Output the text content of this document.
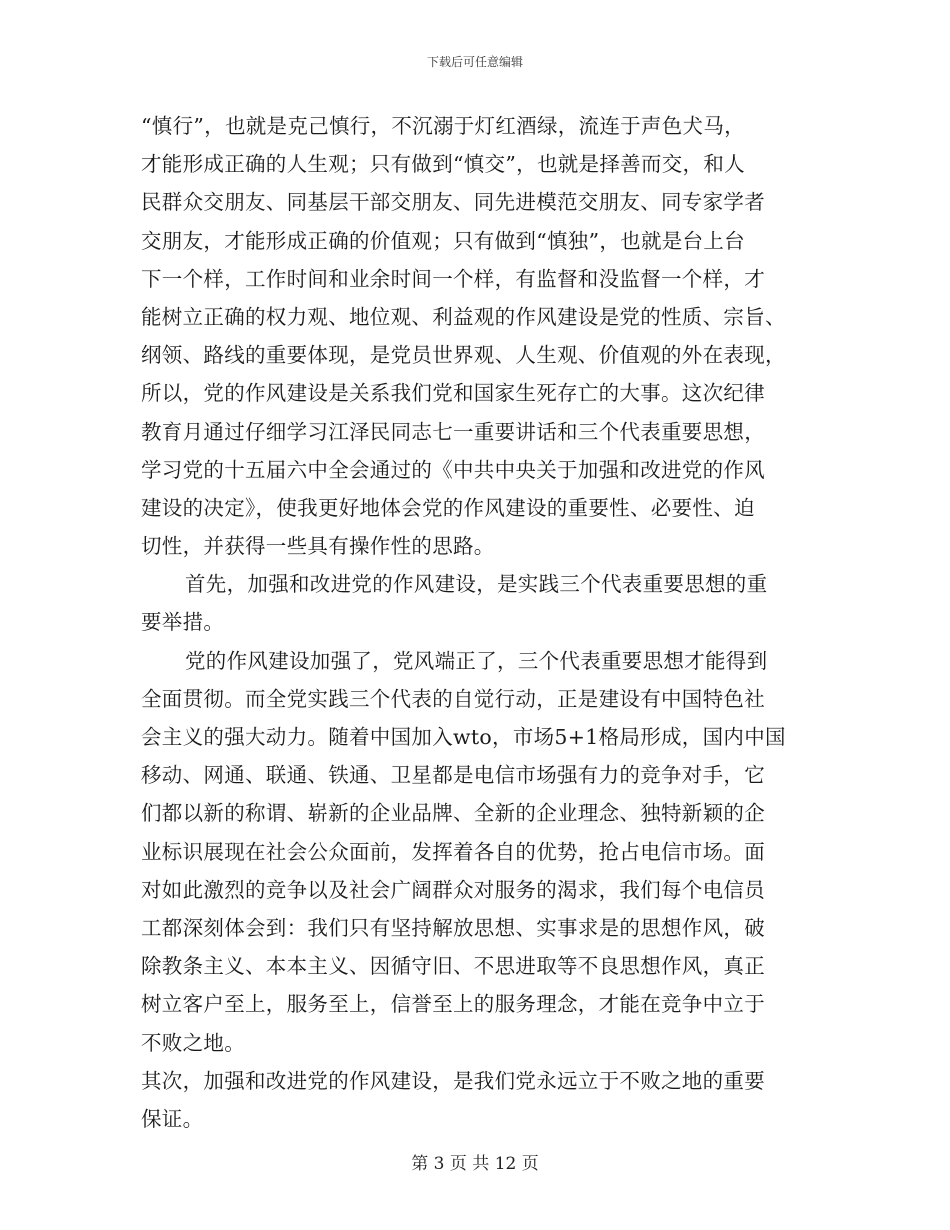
下载后可任意编辑
“慎行”，也就是克己慎行，不沉溺于灯红酒绿，流连于声色犬马，
才能形成正确的人生观；只有做到“慎交”，也就是择善而交，和人
民群众交朋友、同基层干部交朋友、同先进模范交朋友、同专家学者
交朋友，才能形成正确的价值观；只有做到“慎独”，也就是台上台
下一个样，工作时间和业余时间一个样，有监督和没监督一个样，才
能树立正确的权力观、地位观、利益观的作风建设是党的性质、宗旨、
纲领、路线的重要体现，是党员世界观、人生观、价值观的外在表现，
所以，党的作风建设是关系我们党和国家生死存亡的大事。这次纪律
教育月通过仔细学习江泽民同志七一重要讲话和三个代表重要思想，
学习党的十五届六中全会通过的《中共中央关于加强和改进党的作风
建设的决定》，使我更好地体会党的作风建设的重要性、必要性、迫
切性，并获得一些具有操作性的思路。
首先，加强和改进党的作风建设，是实践三个代表重要思想的重
要举措。
党的作风建设加强了，党风端正了，三个代表重要思想才能得到
全面贯彻。而全党实践三个代表的自觉行动，正是建设有中国特色社
会主义的强大动力。随着中国加入wto，市场5+1格局形成，国内中国
移动、网通、联通、铁通、卫星都是电信市场强有力的竞争对手，它
们都以新的称谓、崭新的企业品牌、全新的企业理念、独特新颖的企
业标识展现在社会公众面前，发挥着各自的优势，抢占电信市场。面
对如此激烈的竞争以及社会广阔群众对服务的渴求，我们每个电信员
工都深刻体会到：我们只有坚持解放思想、实事求是的思想作风，破
除教条主义、本本主义、因循守旧、不思进取等不良思想作风，真正
树立客户至上，服务至上，信誉至上的服务理念，才能在竞争中立于
不败之地。
其次，加强和改进党的作风建设，是我们党永远立于不败之地的重要
保证。
第 3 页 共 12 页
